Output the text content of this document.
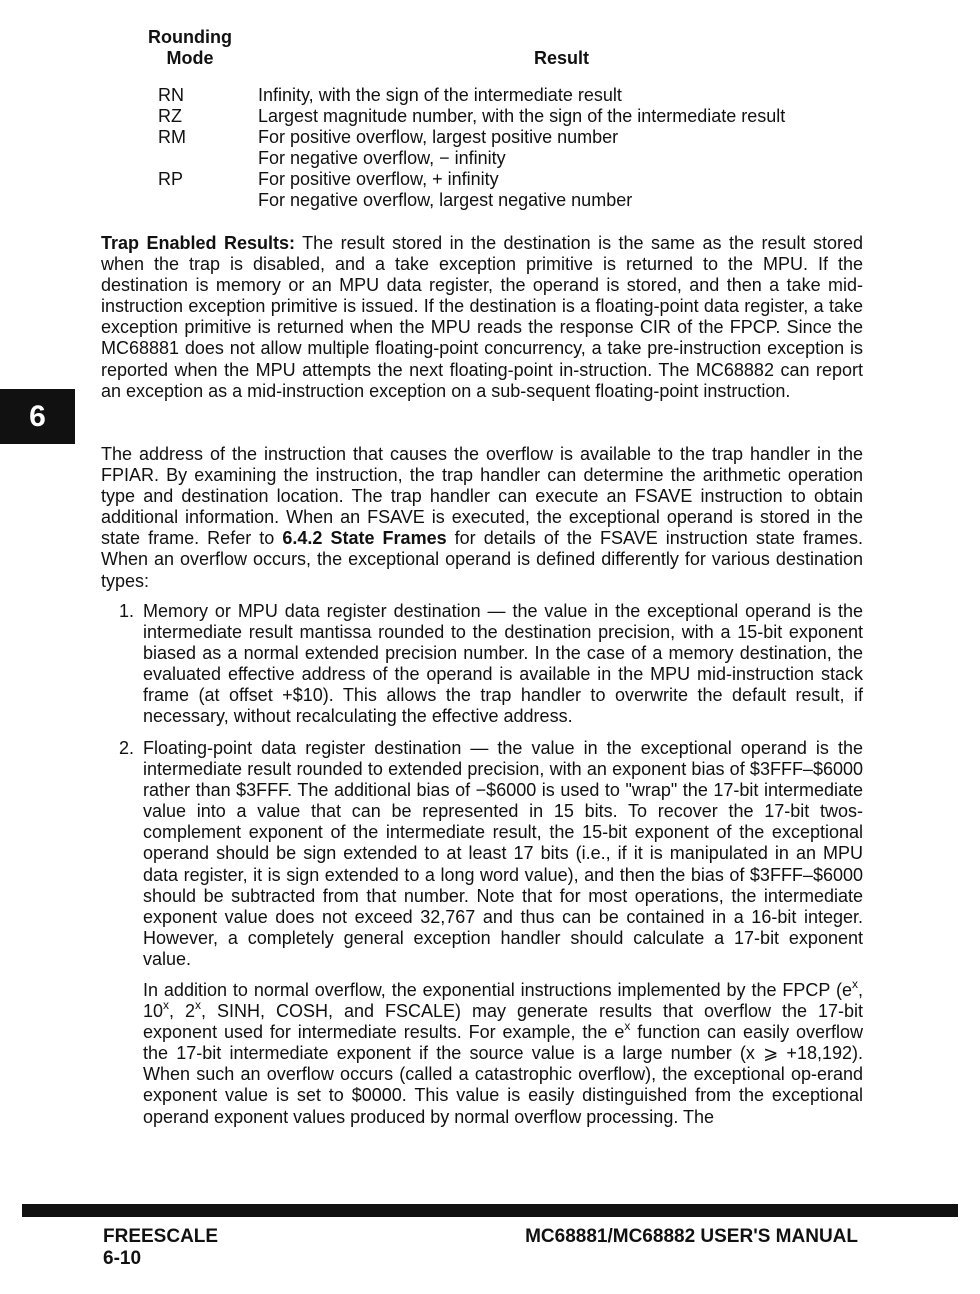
Rounding
Mode	Result
RN	Infinity, with the sign of the intermediate result
RZ	Largest magnitude number, with the sign of the intermediate result
RM	For positive overflow, largest positive number
For negative overflow, − infinity
RP	For positive overflow, + infinity
For negative overflow, largest negative number

Trap Enabled Results: The result stored in the destination is the same as the result stored when the trap is disabled, and a take exception primitive is returned to the MPU. If the destination is memory or an MPU data register, the operand is stored, and then a take mid-instruction exception primitive is issued. If the destination is a floating-point data register, a take exception primitive is returned when the MPU reads the response CIR of the FPCP. Since the MC68881 does not allow multiple floating-point concurrency, a take pre-instruction exception is reported when the MPU attempts the next floating-point in-struction. The MC68882 can report an exception as a mid-instruction exception on a sub-sequent floating-point instruction.

The address of the instruction that causes the overflow is available to the trap handler in the FPIAR. By examining the instruction, the trap handler can determine the arithmetic operation type and destination location. The trap handler can execute an FSAVE instruction to obtain additional information. When an FSAVE is executed, the exceptional operand is stored in the state frame. Refer to 6.4.2 State Frames for details of the FSAVE instruction state frames. When an overflow occurs, the exceptional operand is defined differently for various destination types:

1. Memory or MPU data register destination — the value in the exceptional operand is the intermediate result mantissa rounded to the destination precision, with a 15-bit exponent biased as a normal extended precision number. In the case of a memory destination, the evaluated effective address of the operand is available in the MPU mid-instruction stack frame (at offset +$10). This allows the trap handler to overwrite the default result, if necessary, without recalculating the effective address.
2. Floating-point data register destination — the value in the exceptional operand is the intermediate result rounded to extended precision, with an exponent bias of $3FFF–$6000 rather than $3FFF. The additional bias of −$6000 is used to "wrap" the 17-bit intermediate value into a value that can be represented in 15 bits. To recover the 17-bit twos-complement exponent of the intermediate result, the 15-bit exponent of the exceptional operand should be sign extended to at least 17 bits (i.e., if it is manipulated in an MPU data register, it is sign extended to a long word value), and then the bias of $3FFF–$6000 should be subtracted from that number. Note that for most operations, the intermediate exponent value does not exceed 32,767 and thus can be contained in a 16-bit integer. However, a completely general exception handler should calculate a 17-bit exponent value.
In addition to normal overflow, the exponential instructions implemented by the FPCP ($e^x$, 10$^x$, 2$^x$, SINH, COSH, and FSCALE) may generate results that overflow the 17-bit exponent used for intermediate results. For example, the $e^x$ function can easily overflow the 17-bit intermediate exponent if the source value is a large number (x ⩾ +18,192). When such an overflow occurs (called a catastrophic overflow), the exceptional op-erand exponent value is set to $0000. This value is easily distinguished from the exceptional operand exponent values produced by normal overflow processing. The
6
FREESCALE
6-10
MC68881/MC68882 USER'S MANUAL
